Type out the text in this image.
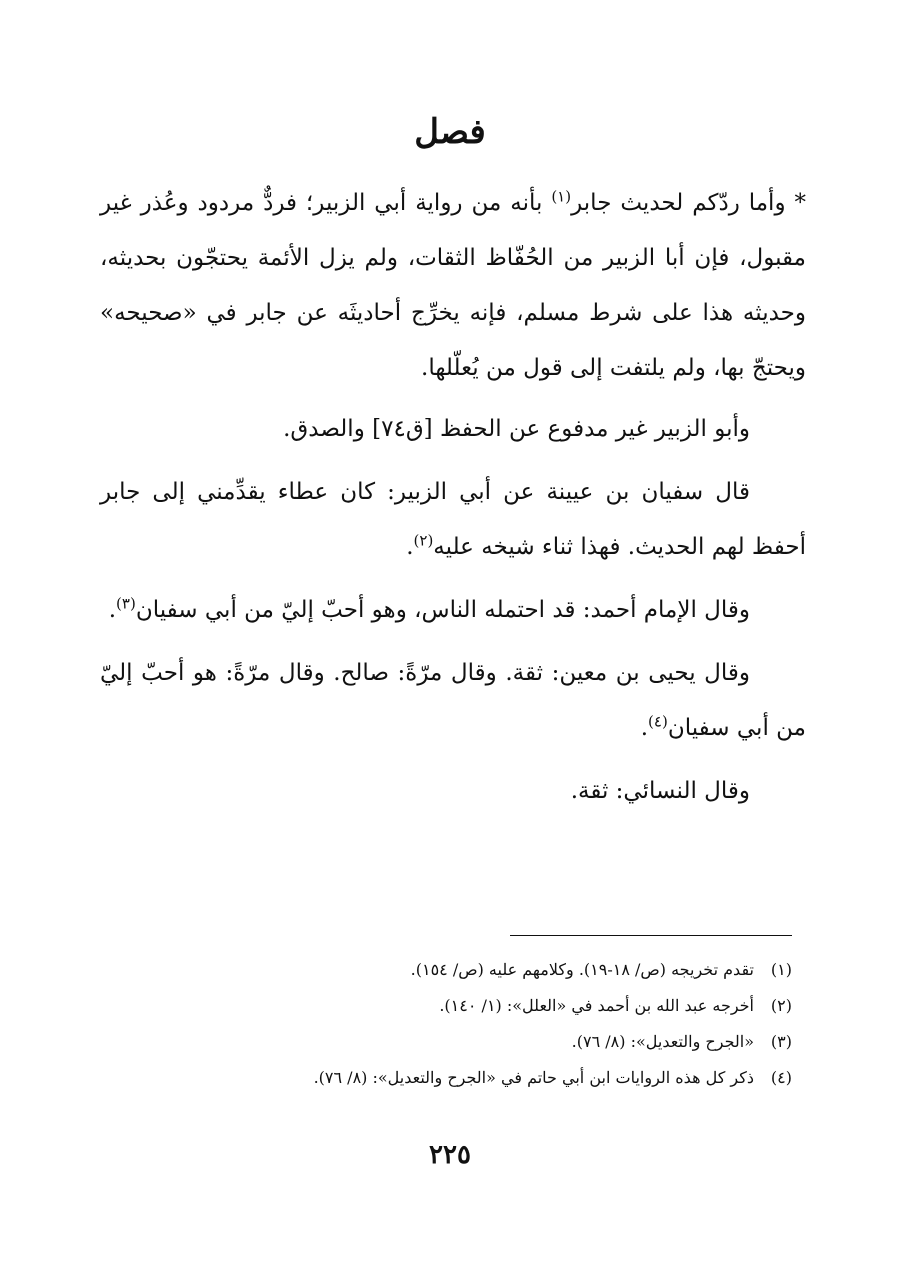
فصل

* وأما ردّكم لحديث جابر$^{(١)}$ بأنه من رواية أبي الزبير؛ فردٌّ مردود وعُذر غير مقبول، فإن أبا الزبير من الحُفّاظ الثقات، ولم يزل الأئمة يحتجّون بحديثه، وحديثه هذا على شرط مسلم، فإنه يخرِّج أحاديثَه عن جابر في «صحيحه» ويحتجّ بها، ولم يلتفت إلى قول من يُعلّلها.

وأبو الزبير غير مدفوع عن الحفظ [ق٧٤] والصدق.

قال سفيان بن عيينة عن أبي الزبير: كان عطاء يقدِّمني إلى جابر أحفظ لهم الحديث. فهذا ثناء شيخه عليه$^{(٢)}$.

وقال الإمام أحمد: قد احتمله الناس، وهو أحبّ إليّ من أبي سفيان$^{(٣)}$.

وقال يحيى بن معين: ثقة. وقال مرّةً: صالح. وقال مرّةً: هو أحبّ إليّ من أبي سفيان$^{(٤)}$.

وقال النسائي: ثقة.

(١)تقدم تخريجه (ص/ ١٨-١٩). وكلامهم عليه (ص/ ١٥٤).
(٢)أخرجه عبد الله بن أحمد في «العلل»: (١/ ١٤٠).
(٣)«الجرح والتعديل»: (٨/ ٧٦).
(٤)ذكر كل هذه الروايات ابن أبي حاتم في «الجرح والتعديل»: (٨/ ٧٦).
٢٢٥
